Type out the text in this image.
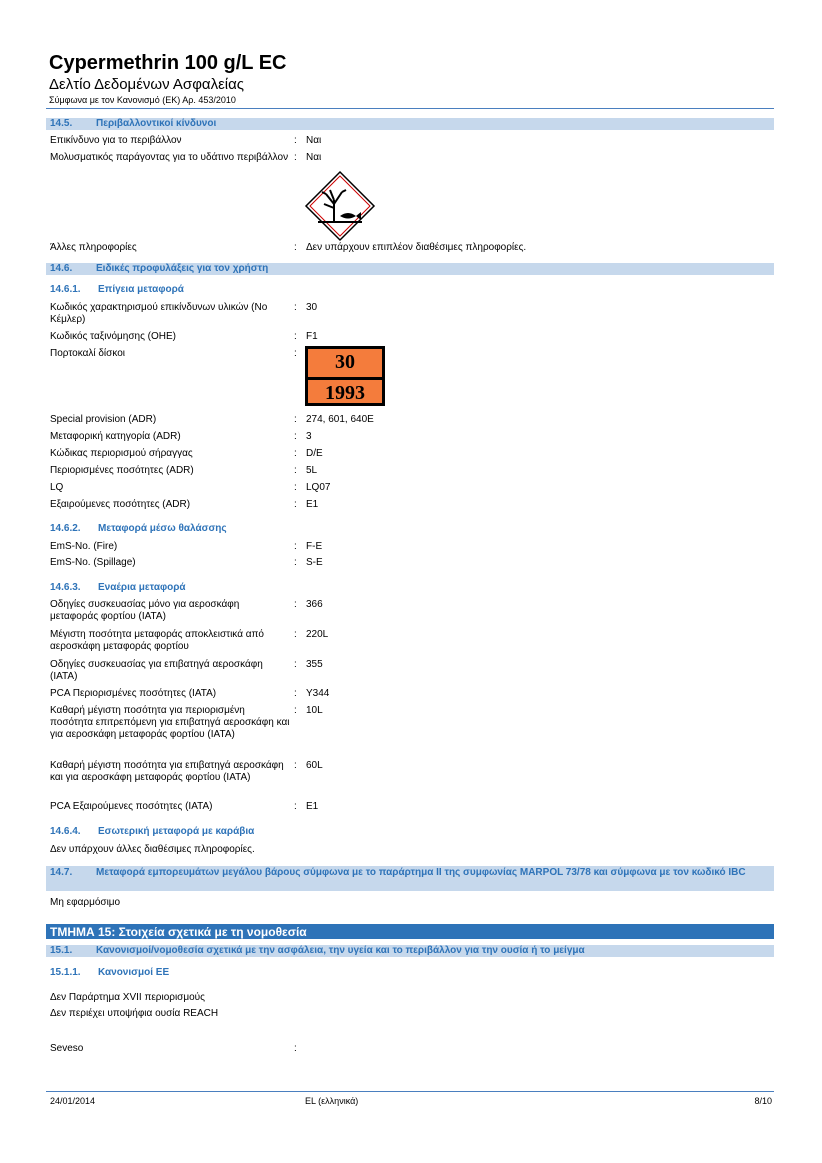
Cypermethrin 100 g/L EC
Δελτίο Δεδομένων Ασφαλείας
Σύμφωνα με τον Κανονισμό (ΕΚ) Αρ. 453/2010
14.5. Περιβαλλοντικοί κίνδυνοι
Επικίνδυνο για το περιβάλλον	: Ναι
Μολυσματικός παράγοντας για το υδάτινο περιβάλλον : Ναι
Άλλες πληροφορίες	: Δεν υπάρχουν επιπλέον διαθέσιμες πληροφορίες.
14.6. Ειδικές προφυλάξεις για τον χρήστη
14.6.1. Επίγεια μεταφορά
Κωδικός χαρακτηρισμού επικίνδυνων υλικών (Νο Κέμλερ)
: 30
Κωδικός ταξινόμησης (ΟΗΕ)	: F1
Πορτοκαλί δίσκοι	:	30
1993
Special provision (ADR)	: 274, 601, 640E
Μεταφορική κατηγορία (ADR)	: 3
Κώδικας περιορισμού σήραγγας	: D/E
Περιορισμένες ποσότητες (ADR)	: 5L
LQ	: LQ07
Εξαιρούμενες ποσότητες (ADR)	: E1
14.6.2. Μεταφορά μέσω θαλάσσης
EmS-No. (Fire)	: F-E
EmS-No. (Spillage)	: S-E
14.6.3. Εναέρια μεταφορά
Οδηγίες συσκευασίας μόνο για αεροσκάφη μεταφοράς φορτίου (IATA)
: 366
Μέγιστη ποσότητα μεταφοράς αποκλειστικά από αεροσκάφη μεταφοράς φορτίου
: 220L
Οδηγίες συσκευασίας για επιβατηγά αεροσκάφη (IATA)
: 355
PCA Περιορισμένες ποσότητες (IATA)	: Y344
Καθαρή μέγιστη ποσότητα για περιορισμένη ποσότητα επιτρεπόμενη για επιβατηγά αεροσκάφη και για αεροσκάφη μεταφοράς φορτίου (IATA)
: 10L
Καθαρή μέγιστη ποσότητα για επιβατηγά αεροσκάφη και για αεροσκάφη μεταφοράς φορτίου (IATA)
: 60L
PCA Εξαιρούμενες ποσότητες (IATA)	: E1
14.6.4. Εσωτερική μεταφορά με καράβια
Δεν υπάρχουν άλλες διαθέσιμες πληροφορίες.
14.7. Μεταφορά εμπορευμάτων μεγάλου βάρους σύμφωνα με το παράρτημα II της συμφωνίας MARPOL 73/78 και σύμφωνα με τον κωδικό IBC
Μη εφαρμόσιμο
ΤΜΗΜΑ 15: Στοιχεία σχετικά με τη νομοθεσία
15.1. Κανονισμοί/νομοθεσία σχετικά με την ασφάλεια, την υγεία και το περιβάλλον για την ουσία ή το μείγμα
15.1.1. Κανονισμοί ΕΕ
Δεν Παράρτημα XVII περιορισμούς
Δεν περιέχει υποψήφια ουσία REACH
Seveso	:
24/01/2014	EL (ελληνικά)	8/10
